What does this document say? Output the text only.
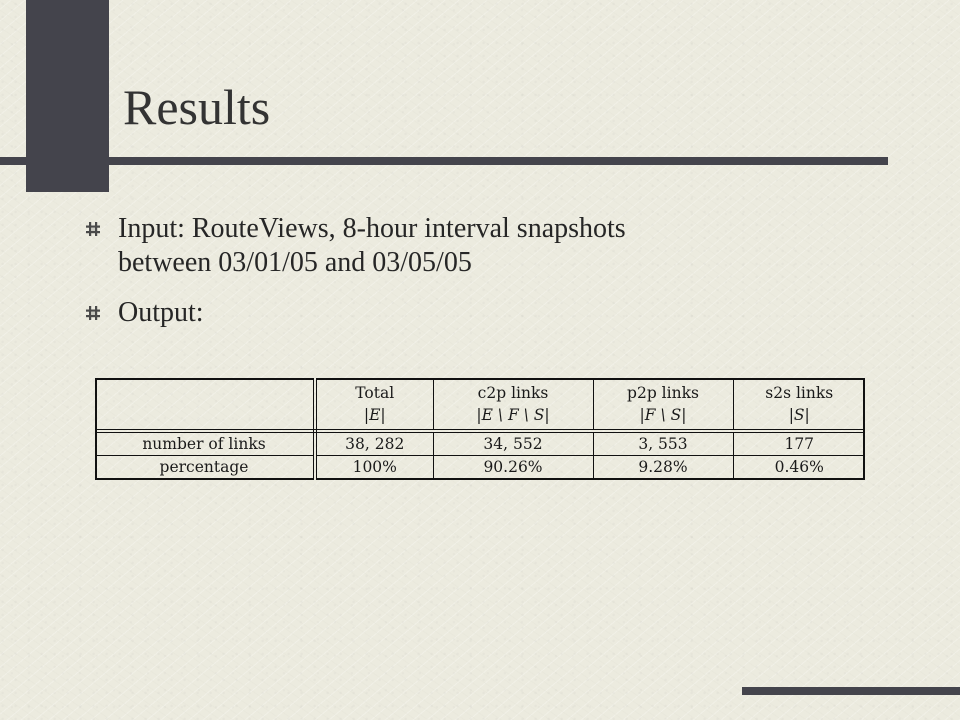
Results
Input: RouteViews, 8-hour interval snapshots
between 03/01/05 and 03/05/05
Output:
	Total	c2p links	p2p links	s2s links
	|E|	|E \ F \ S|	|F \ S|	|S|
number of links	38, 282	34, 552	3, 553	177
percentage	100%	90.26%	9.28%	0.46%
